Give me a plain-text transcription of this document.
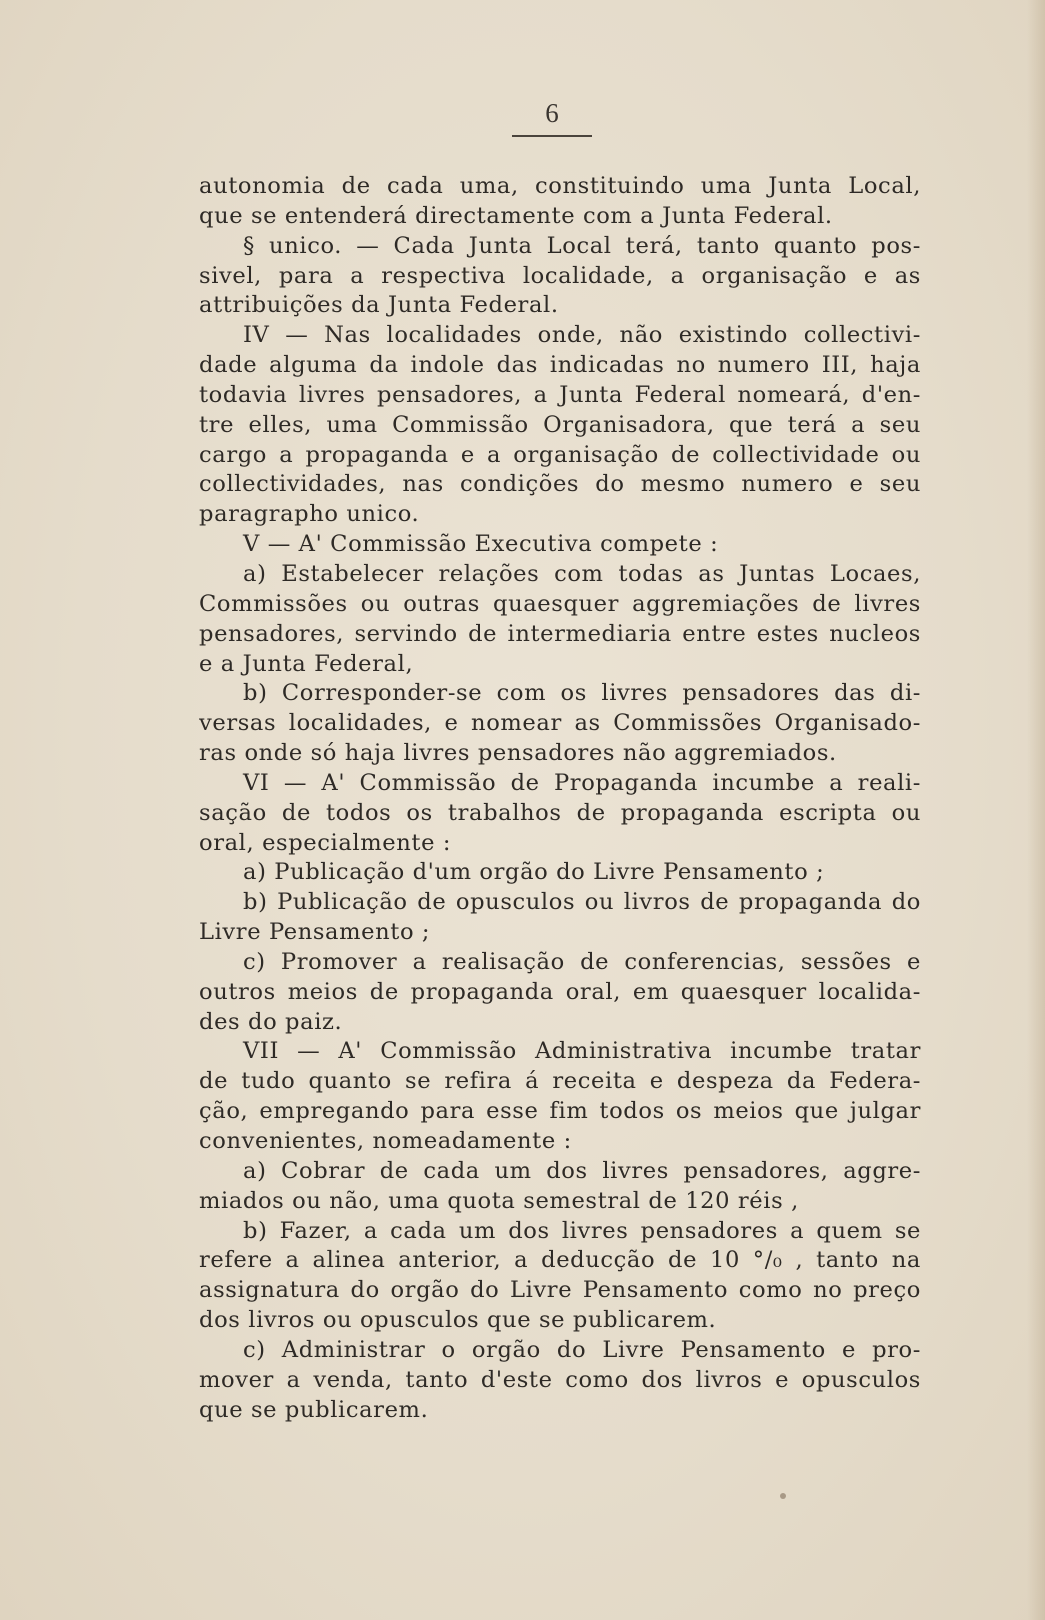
6
autonomia de cada uma, constituindo uma Junta Local,
que se entenderá directamente com a Junta Federal.
§ unico. — Cada Junta Local terá, tanto quanto pos-
sivel, para a respectiva localidade, a organisação e as
attribuições da Junta Federal.
IV — Nas localidades onde, não existindo collectivi-
dade alguma da indole das indicadas no numero III, haja
todavia livres pensadores, a Junta Federal nomeará, d'en-
tre elles, uma Commissão Organisadora, que terá a seu
cargo a propaganda e a organisação de collectividade ou
collectividades, nas condições do mesmo numero e seu
paragrapho unico.
V — A' Commissão Executiva compete :
a) Estabelecer relações com todas as Juntas Locaes,
Commissões ou outras quaesquer aggremiações de livres
pensadores, servindo de intermediaria entre estes nucleos
e a Junta Federal,
b) Corresponder-se com os livres pensadores das di-
versas localidades, e nomear as Commissões Organisado-
ras onde só haja livres pensadores não aggremiados.
VI — A' Commissão de Propaganda incumbe a reali-
sação de todos os trabalhos de propaganda escripta ou
oral, especialmente :
a) Publicação d'um orgão do Livre Pensamento ;
b) Publicação de opusculos ou livros de propaganda do
Livre Pensamento ;
c) Promover a realisação de conferencias, sessões e
outros meios de propaganda oral, em quaesquer localida-
des do paiz.
VII — A' Commissão Administrativa incumbe tratar
de tudo quanto se refira á receita e despeza da Federa-
ção, empregando para esse fim todos os meios que julgar
convenientes, nomeadamente :
a) Cobrar de cada um dos livres pensadores, aggre-
miados ou não, uma quota semestral de 120 réis ,
b) Fazer, a cada um dos livres pensadores a quem se
refere a alinea anterior, a deducção de 10 °/₀ , tanto na
assignatura do orgão do Livre Pensamento como no preço
dos livros ou opusculos que se publicarem.
c) Administrar o orgão do Livre Pensamento e pro-
mover a venda, tanto d'este como dos livros e opusculos
que se publicarem.
